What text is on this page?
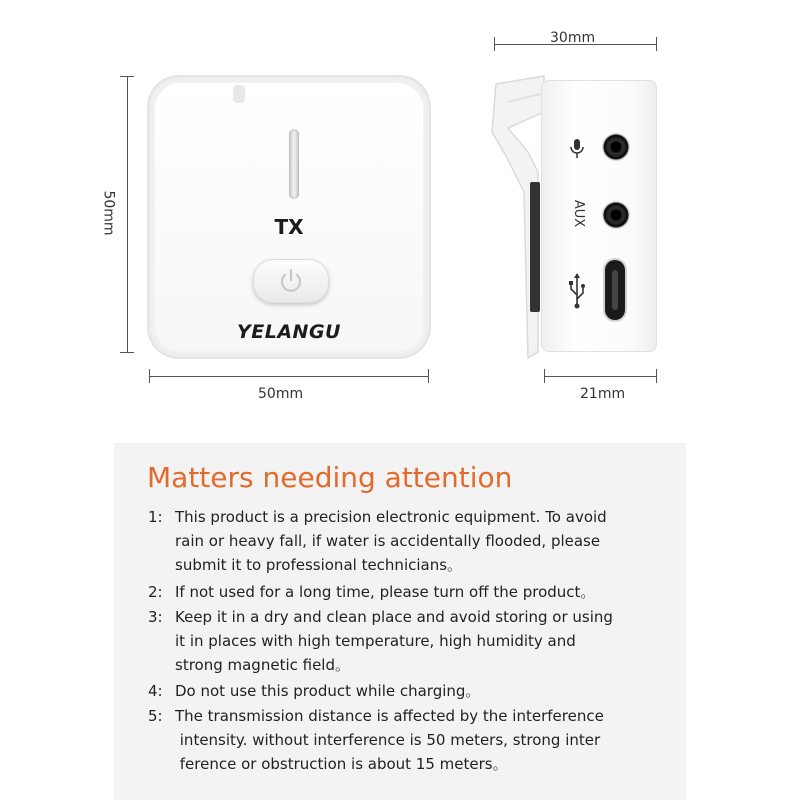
30mm
50mm
50mm	21mm
TX
YELANGU
AUX
Matters needing attention
1: This product is a precision electronic equipment. To avoid
rain or heavy fall, if water is accidentally flooded, please
submit it to professional technicians。
2: If not used for a long time, please turn off the product。
3: Keep it in a dry and clean place and avoid storing or using
it in places with high temperature, high humidity and
strong magnetic field。
4: Do not use this product while charging。
5: The transmission distance is affected by the interference
intensity. without interference is 50 meters, strong inter
ference or obstruction is about 15 meters。
